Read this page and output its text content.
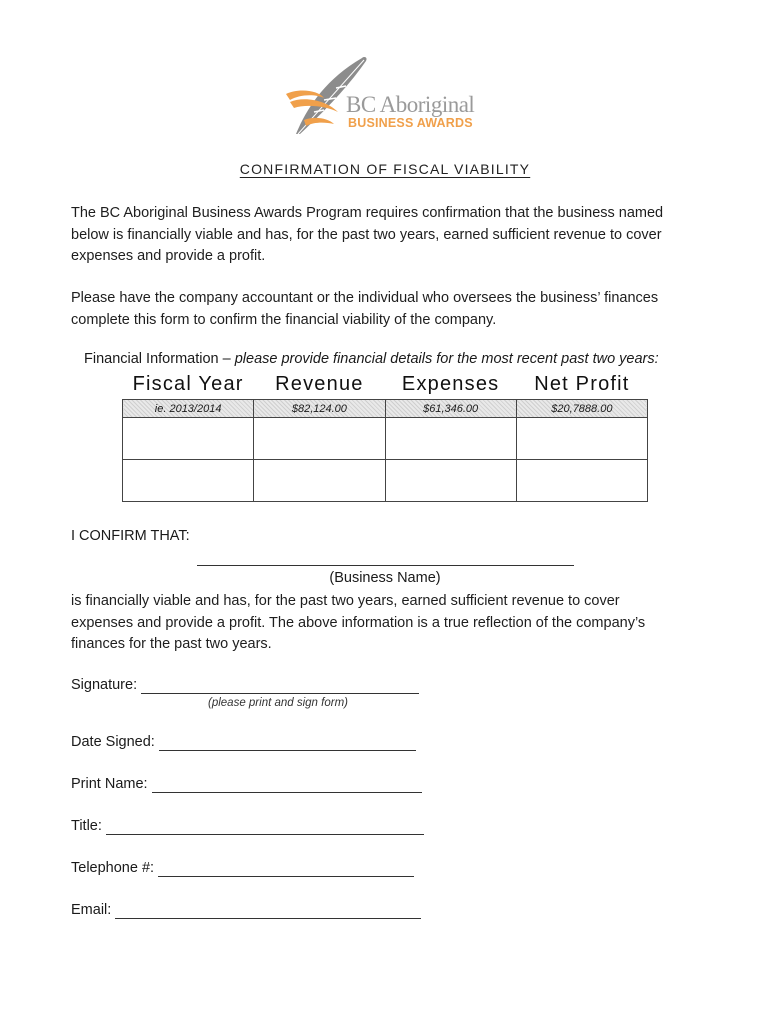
BC Aboriginal
BUSINESS AWARDS
CONFIRMATION OF FISCAL VIABILITY
The BC Aboriginal Business Awards Program requires confirmation that the business named
below is financially viable and has, for the past two years, earned sufficient revenue to cover
expenses and provide a profit.
Please have the company accountant or the individual who oversees the business’ finances
complete this form to confirm the financial viability of the company.
Financial Information – please provide financial details for the most recent past two years:
Fiscal Year	Revenue	Expenses	Net Profit
ie. 2013/2014	$82,124.00	$61,346.00	$20,7888.00

I CONFIRM THAT:
(Business Name)
is financially viable and has, for the past two years, earned sufficient revenue to cover
expenses and provide a profit. The above information is a true reflection of the company’s
finances for the past two years.
Signature:
(please print and sign form)
Date Signed:
Print Name:
Title:
Telephone #:
Email:
